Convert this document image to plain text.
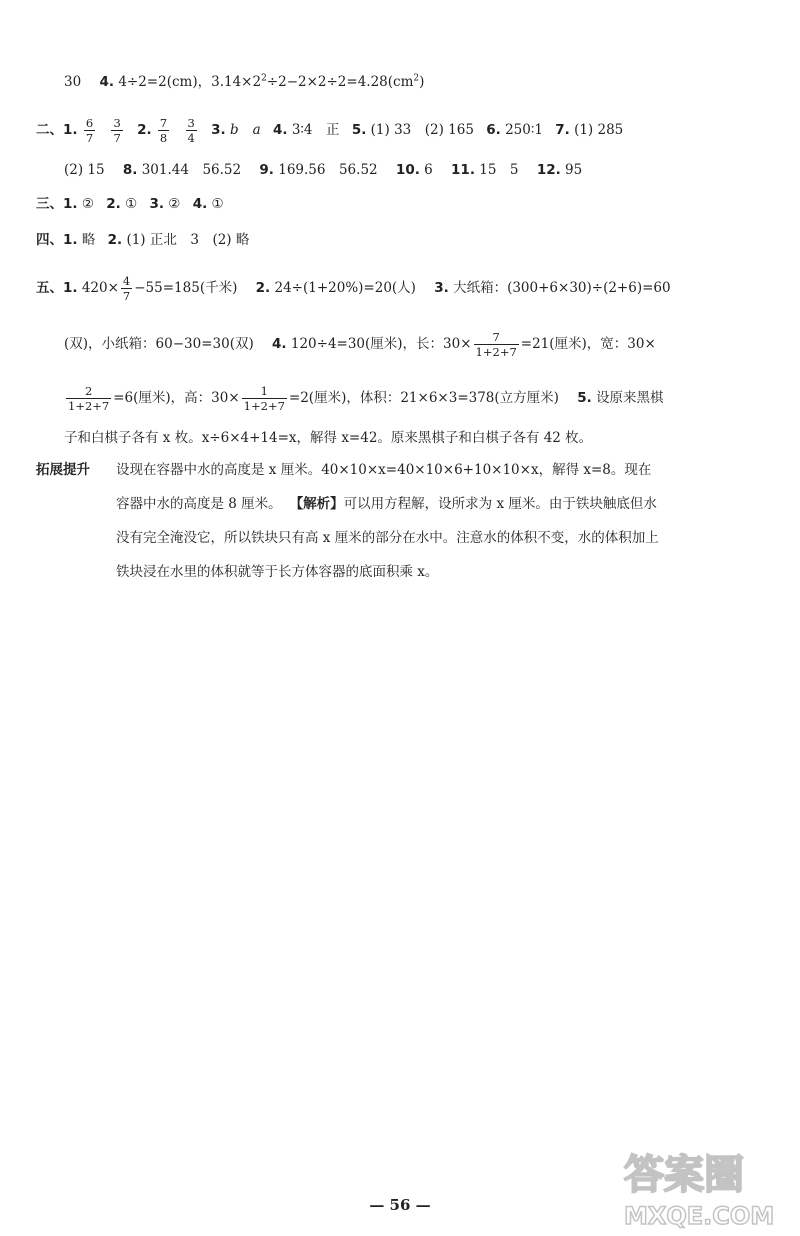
30 4. 4÷2=2(cm)，$3.14\times 2^2\div 2-2\times 2\div 2=4.28(cm^2)$
二、1. $\frac{6}{7}$
$\frac{3}{7} 2$. $\frac{7}{8}$
$\frac{3}{4} 3$. b a 4. 3∶4　正 5. (1) 33　(2) 165 6. 250∶1 7. (1) 285
(2) 15 8. 301.44　56.52 9. 169.56　56.52 10. 6 11. 15　5 12. 95
三、1. ② 2. ① 3. ② 4. ①
四、1. 略 2. (1) 正北　3　(2) 略
五、1. $420\times \frac{4}{7} -55=185$(千米) 2. 24÷(1+20%)=20(人) 3. 大纸箱：(300+6×30)÷(2+6)=60
(双)，小纸箱：60−30=30(双) 4. 120÷4=30(厘米)，长：$30\times \frac{7}{1+2+7} =21$(厘米)，宽：30×
$\frac{2}{1+2+7} =6$(厘米)，高：$30\times \frac{1}{1+2+7} =2$(厘米)，体积：21×6×3=378(立方厘米) 5. 设原来黑棋
子和白棋子各有 x 枚。x÷6×4+14=x，解得 x=42。原来黑棋子和白棋子各有 42 枚。
拓展提升 设现在容器中水的高度是 x 厘米。40×10×x=40×10×6+10×10×x，解得 x=8。现在
容器中水的高度是 8 厘米。 【解析】可以用方程解，设所求为 x 厘米。由于铁块触底但水
没有完全淹没它，所以铁块只有高 x 厘米的部分在水中。注意水的体积不变，水的体积加上
铁块浸在水里的体积就等于长方体容器的底面积乘 x。
— 56 —
答案圈
MXQE.COM
